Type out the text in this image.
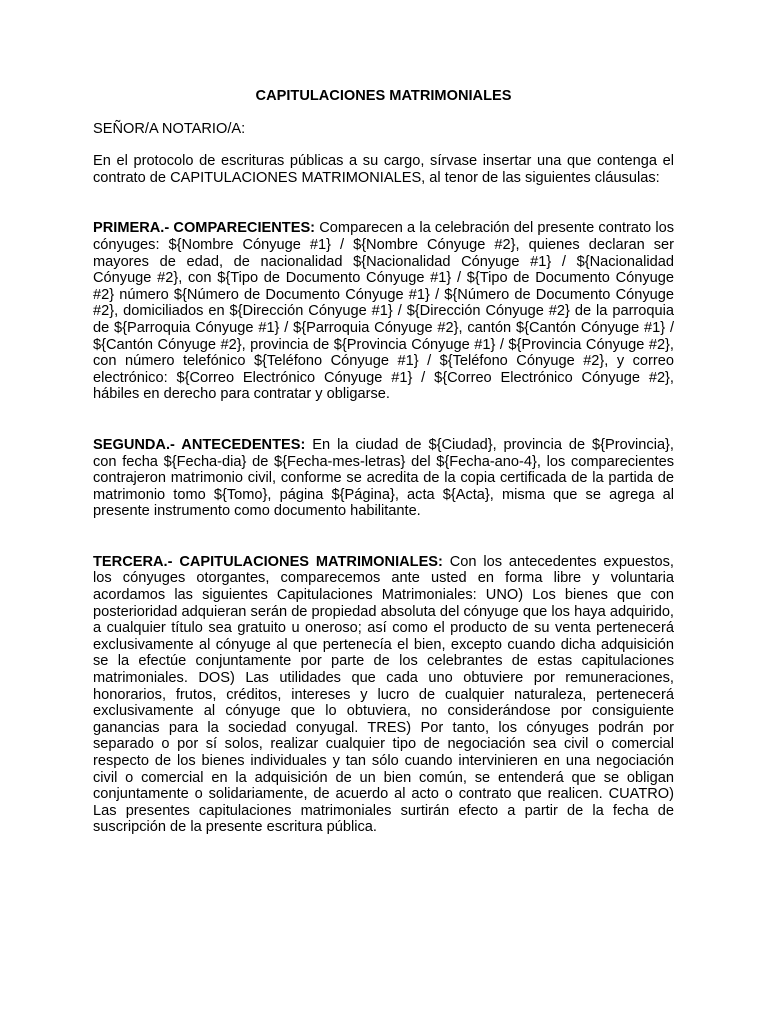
CAPITULACIONES MATRIMONIALES

SEÑOR/A NOTARIO/A:

En el protocolo de escrituras públicas a su cargo, sírvase insertar una que contenga el contrato de CAPITULACIONES MATRIMONIALES, al tenor de las siguientes cláusulas:

PRIMERA.- COMPARECIENTES: Comparecen a la celebración del presente contrato los cónyuges: ${Nombre Cónyuge #1} / ${Nombre Cónyuge #2}, quienes declaran ser mayores de edad, de nacionalidad ${Nacionalidad Cónyuge #1} / ${Nacionalidad Cónyuge #2}, con ${Tipo de Documento Cónyuge #1} / ${Tipo de Documento Cónyuge #2} número ${Número de Documento Cónyuge #1} / ${Número de Documento Cónyuge #2}, domiciliados en ${Dirección Cónyuge #1} / ${Dirección Cónyuge #2} de la parroquia de ${Parroquia Cónyuge #1} / ${Parroquia Cónyuge #2}, cantón ${Cantón Cónyuge #1} / ${Cantón Cónyuge #2}, provincia de ${Provincia Cónyuge #1} / ${Provincia Cónyuge #2}, con número telefónico ${Teléfono Cónyuge #1} / ${Teléfono Cónyuge #2}, y correo electrónico: ${Correo Electrónico Cónyuge #1} / ${Correo Electrónico Cónyuge #2}, hábiles en derecho para contratar y obligarse.

SEGUNDA.- ANTECEDENTES: En la ciudad de ${Ciudad}, provincia de ${Provincia}, con fecha ${Fecha-dia} de ${Fecha-mes-letras} del ${Fecha-ano-4}, los comparecientes contrajeron matrimonio civil, conforme se acredita de la copia certificada de la partida de matrimonio tomo ${Tomo}, página ${Página}, acta ${Acta}, misma que se agrega al presente instrumento como documento habilitante.

TERCERA.- CAPITULACIONES MATRIMONIALES: Con los antecedentes expuestos, los cónyuges otorgantes, comparecemos ante usted en forma libre y voluntaria acordamos las siguientes Capitulaciones Matrimoniales: UNO) Los bienes que con posterioridad adquieran serán de propiedad absoluta del cónyuge que los haya adquirido, a cualquier título sea gratuito u oneroso; así como el producto de su venta pertenecerá exclusivamente al cónyuge al que pertenecía el bien, excepto cuando dicha adquisición se la efectúe conjuntamente por parte de los celebrantes de estas capitulaciones matrimoniales. DOS) Las utilidades que cada uno obtuviere por remuneraciones, honorarios, frutos, créditos, intereses y lucro de cualquier naturaleza, pertenecerá exclusivamente al cónyuge que lo obtuviera, no considerándose por consiguiente ganancias para la sociedad conyugal. TRES) Por tanto, los cónyuges podrán por separado o por sí solos, realizar cualquier tipo de negociación sea civil o comercial respecto de los bienes individuales y tan sólo cuando intervinieren en una negociación civil o comercial en la adquisición de un bien común, se entenderá que se obligan conjuntamente o solidariamente, de acuerdo al acto o contrato que realicen. CUATRO) Las presentes capitulaciones matrimoniales surtirán efecto a partir de la fecha de suscripción de la presente escritura pública.
